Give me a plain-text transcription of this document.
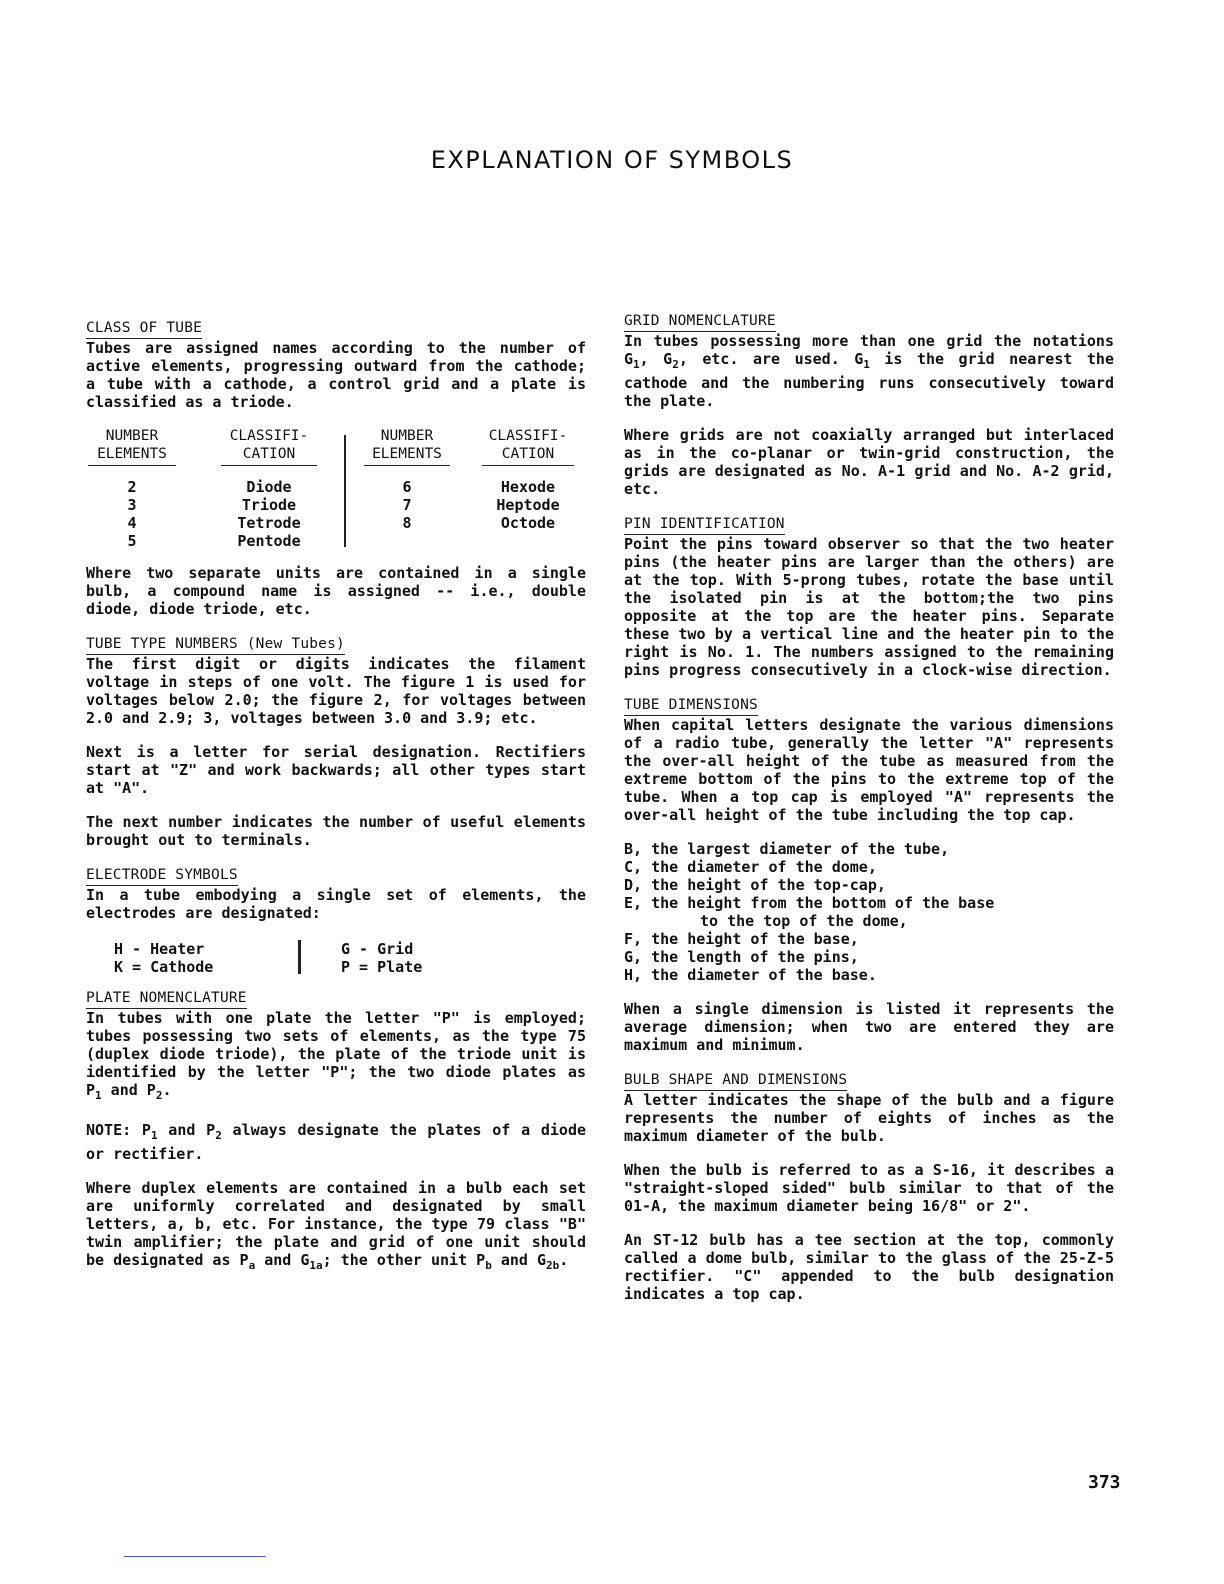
EXPLANATION OF SYMBOLS
CLASS OF TUBE

Tubes are assigned names according to the number of active elements, progressing outward from the cathode; a tube with a cathode, a control grid and a plate is classified as a triode.

NUMBER ELEMENTS
2
3
4
5
CLASSIFI- CATION
Diode
Triode
Tetrode
Pentode
NUMBER ELEMENTS
6
7
8
CLASSIFI- CATION
Hexode
Heptode
Octode

Where two separate units are contained in a single bulb, a compound name is assigned -- i.e., double diode, diode triode, etc.

TUBE TYPE NUMBERS (New Tubes)

The first digit or digits indicates the filament voltage in steps of one volt. The figure 1 is used for voltages below 2.0; the figure 2, for voltages between 2.0 and 2.9; 3, voltages between 3.0 and 3.9; etc.

Next is a letter for serial designation. Rectifiers start at "Z" and work backwards; all other types start at "A".

The next number indicates the number of useful elements brought out to terminals.

ELECTRODE SYMBOLS

In a tube embodying a single set of elements, the electrodes are designated:

H - Heater
K = Cathode
G - Grid
P = Plate
PLATE NOMENCLATURE

In tubes with one plate the letter "P" is employed; tubes possessing two sets of elements, as the type 75 (duplex diode triode), the plate of the triode unit is identified by the letter "P"; the two diode plates as $P_1$ and $P_2$.

NOTE: $P_1$ and $P_2$ always designate the plates of a diode or rectifier.

Where duplex elements are contained in a bulb each set are uniformly correlated and designated by small letters, a, b, etc. For instance, the type 79 class "B" twin amplifier; the plate and grid of one unit should be designated as $P_a$ and $G_{1a}$; the other unit $P_b$ and $G_{2b}$.

GRID NOMENCLATURE

In tubes possessing more than one grid the notations $G_1$, $G_2$, etc. are used. $G_1$ is the grid nearest the cathode and the numbering runs consecutively toward the plate.

Where grids are not coaxially arranged but interlaced as in the co-planar or twin-grid construction, the grids are designated as No. A-1 grid and No. A-2 grid, etc.

PIN IDENTIFICATION

Point the pins toward observer so that the two heater pins (the heater pins are larger than the others) are at the top. With 5-prong tubes, rotate the base until the isolated pin is at the bottom;the two pins opposite at the top are the heater pins. Separate these two by a vertical line and the heater pin to the right is No. 1. The numbers assigned to the remaining pins progress consecutively in a clock-wise direction.

TUBE DIMENSIONS

When capital letters designate the various dimensions of a radio tube, generally the letter "A" represents the over-all height of the tube as measured from the extreme bottom of the pins to the extreme top of the tube. When a top cap is employed "A" represents the over-all height of the tube including the top cap.

B, the largest diameter of the tube,
C, the diameter of the dome,
D, the height of the top-cap,
E, the height from the bottom of the base
to the top of the dome,
F, the height of the base,
G, the length of the pins,
H, the diameter of the base.

When a single dimension is listed it represents the average dimension; when two are entered they are maximum and minimum.

BULB SHAPE AND DIMENSIONS

A letter indicates the shape of the bulb and a figure represents the number of eights of inches as the maximum diameter of the bulb.

When the bulb is referred to as a S-16, it describes a "straight-sloped sided" bulb similar to that of the 01-A, the maximum diameter being 16/8" or 2".

An ST-12 bulb has a tee section at the top, commonly called a dome bulb, similar to the glass of the 25-Z-5 rectifier. "C" appended to the bulb designation indicates a top cap.

373
